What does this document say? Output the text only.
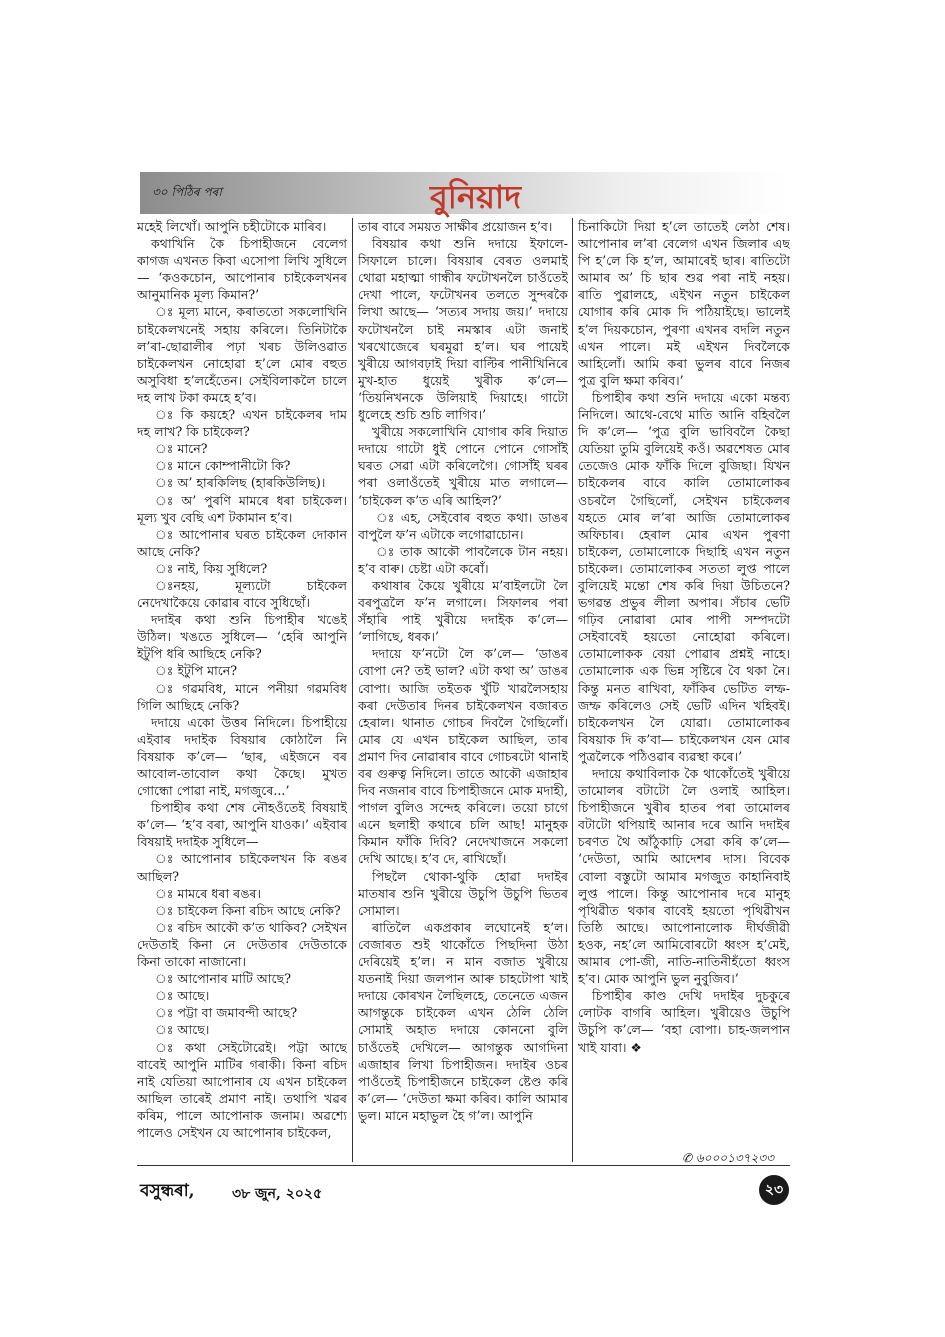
৩০ পিঠিৰ পৰা	বুনিয়াদ

মহেই লিখোঁ। আপুনি চহীটোকে মাৰিব।

কথাখিনি কৈ চিপাহীজনে বেলেগ কাগজ এখনত কিবা এসোপা লিখি সুধিলে— ‘কওকচোন, আপোনাৰ চাইকেলখনৰ আনুমানিক মূল্য কিমান?’

ঃ মূল্য মানে, কৰাততো সকলোখিনি চাইকেলখনেই সহায় কৰিলে। তিনিটাকৈ ল’ৰা-ছোৱালীৰ পঢ়া খৰচ উলিওৱাত চাইকেলখন নোহোৱা হ’লে মোৰ বহুত অসুবিধা হ’লহেঁতেন। সেইবিলাকলৈ চালে দহ লাখ টকা কমহে হ’ব।

ঃ কি কয়হে? এখন চাইকেলৰ দাম দহ লাখ? কি চাইকেল?

ঃ মানে?

ঃ মানে কোম্পানীটো কি?

ঃ অ’ হাৰকিলিছ (হাৰকিউলিছ)।

ঃ অ’ পুৰণি মামৰে ধৰা চাইকেল। মূল্য খুব বেছি এশ টকামান হ’ব।

ঃ আপোনাৰ ঘৰত চাইকেল দোকান আছে নেকি?

ঃ নাই, কিয় সুধিলে?

ঃনহয়, মূল্যটো চাইকেল নেদেখাকৈয়ে কোৱাৰ বাবে সুধিছোঁ।

দদাইৰ কথা শুনি চিপাহীৰ খঙেই উঠিল। খঙতে সুধিলে— ‘হেৰি আপুনি ইটুপি ধৰি আছিহে নেকি?

ঃ ইটুপি মানে?

ঃ গৱমবিধ, মানে পনীয়া গৱমবিধ গিলি আছিহে নেকি?

দদায়ে একো উত্তৰ নিদিলে। চিপাহীয়ে এইবাৰ দদাইক বিষয়াৰ কোঠালৈ নি বিষয়াক ক’লে— ‘ছাৰ, এইজনে বৰ আবোল-তাবোল কথা কৈছে। মুখত গোন্ধো পোৱা নাই, মগজুৰে...’

চিপাহীৰ কথা শেষ নৌহওঁতেই বিষয়াই ক’লে— ‘হ’ব বৰা, আপুনি যাওক।’ এইবাৰ বিষয়াই দদাইক সুধিলে—

ঃ আপোনাৰ চাইকেলখন কি ৰঙৰ আছিল?

ঃ মামৰে ধৰা ৰঙৰ।

ঃ চাইকেল কিনা ৰচিদ আছে নেকি?

ঃ ৰচিদ আকৌ ক’ত থাকিব? সেইখন দেউতাই কিনা নে দেউতাৰ দেউতাকে কিনা তাকো নাজানো।

ঃ আপোনাৰ মাটি আছে?

ঃ আছে।

ঃ পট্টা বা জমাবন্দী আছে?

ঃ আছে।

ঃ কথা সেইটোৱেই। পট্টা আছে বাবেই আপুনি মাটিৰ গৰাকী। কিনা ৰচিদ নাই যেতিয়া আপোনাৰ যে এখন চাইকেল আছিল তাৰেই প্ৰমাণ নাই। তথাপি খৱৰ কৰিম, পালে আপোনাক জনাম। অৱশ্যে পালেও সেইখন যে আপোনাৰ চাইকেল,

তাৰ বাবে সময়ত সাক্ষীৰ প্ৰয়োজন হ’ব।

বিষয়াৰ কথা শুনি দদায়ে ইফালে-সিফালে চালে। বিষয়াৰ বেৰত ওলমাই থোৱা মহাত্মা গান্ধীৰ ফটোখনলৈ চাওঁতেই দেখা পালে, ফটোখনৰ তলতে সুন্দৰকৈ লিখা আছে— ‘সত্যৰ সদায় জয়।’ দদায়ে ফটোখনলৈ চাই নমস্কাৰ এটা জনাই খৰখোজেৰে ঘৰমুৱা হ’ল। ঘৰ পায়েই খুৰীয়ে আগবঢ়াই দিয়া বাল্টিৰ পানীখিনিৰে মুখ-হাত ধুয়েই খুৰীক ক’লে— ‘তিয়নিখনকে উলিয়াই দিয়াহে। গাটো ধুলেহে শুচি শুচি লাগিব।’

খুৰীয়ে সকলোখিনি যোগাৰ কৰি দিয়াত দদায়ে গাটো ধুই পোনে পোনে গোসাঁই ঘৰত সেৱা এটা কৰিলেগৈ। গোসাঁই ঘৰৰ পৰা ওলাওঁতেই খুৰীয়ে মাত লগালে— ‘চাইকেল ক’ত এৰি আহিল?’

ঃ এহ, সেইবোৰ বহুত কথা। ডাঙৰ বাপুলৈ ফ’ন এটাকে লগোৱাচোন।

ঃ তাক আকৌ পাবলৈকে টান নহয়। হ’ব বাৰু। চেষ্টা এটা কৰোঁ।

কথাষাৰ কৈয়ে খুৰীয়ে ম’বাইলটো লৈ বৰপুত্ৰলৈ ফ’ন লগালে। সিফালৰ পৰা সঁহাৰি পাই খুৰীয়ে দদাইক ক’লে— ‘লাগিছে, ধৰক।’

দদায়ে ফ’নটো লৈ ক’লে— ‘ডাঙৰ বোপা নে? তই ভাল? এটা কথা অ’ ডাঙৰ বোপা। আজি তইতক খুঁটি খাৱলৈসহায় কৰা দেউতাৰ দিনৰ চাইকেলখন বজাৰত হেৰাল। থানাত গোচৰ দিবলৈ গৈছিলোঁ। মোৰ যে এখন চাইকেল আছিল, তাৰ প্ৰমাণ দিব নোৱাৰাৰ বাবে গোচৰটো থানাই বৰ গুৰুত্ব নিদিলে। তাতে আকৌ এজাহাৰ দিব নজনাৰ বাবে চিপাহীজনে মোক মদাহী, পাগল বুলিও সন্দেহ কৰিলে। তয়ো চাগে এনে ছলাহী কথাৰে চলি আছ! মানুহক কিমান ফাঁকি দিবি? নেদেখাজনে সকলো দেখি আছে। হ’ব দে, ৰাখিছোঁ।

পিছলৈ থোকা-থুকি হোৱা দদাইৰ মাতষাৰ শুনি খুৰীয়ে উচুপি উচুপি ভিতৰ সোমাল।

ৰাতিলৈ একপ্ৰকাৰ লঘোনেই হ’ল। বেজাৰত শুই থাকোঁতে পিছদিনা উঠা দেৰিয়েই হ’ল। ন মান বজাত খুৰীয়ে যতনাই দিয়া জলপান আৰু চাহটোপা খাই দদায়ে কোৰখন লৈছিলহে, তেনেতে এজন আগন্তুকে চাইকেল এখন ঠেলি ঠেলি সোমাই অহাত দদায়ে কোননো বুলি চাওঁতেই দেখিলে— আগন্তুক আগদিনা এজাহাৰ লিখা চিপাহীজন। দদাইৰ ওচৰ পাওঁতেই চিপাহীজনে চাইকেল ষ্টেণ্ড কৰি ক’লে— ‘দেউতা ক্ষমা কৰিব। কালি আমাৰ ভুল। মানে মহাভুল হৈ গ’ল। আপুনি

চিনাকিটো দিয়া হ’লে তাতেই লেঠা শেষ। আপোনাৰ ল’ৰা বেলেগ এখন জিলাৰ এছ পি হ’লে কি হ’ল, আমাৰেই ছাৰ। ৰাতিটো আমাৰ অ’ চি ছাৰ শুৱ পৰা নাই নহয়। ৰাতি পুৱালহে, এইখন নতুন চাইকেল যোগাৰ কৰি মোক দি পঠিয়াইছে। ভালেই হ’ল দিয়কচোন, পুৰণা এখনৰ বদলি নতুন এখন পালে। মই এইখন দিবলৈকে আহিলোঁ। আমি কৰা ভুলৰ বাবে নিজৰ পুত্ৰ বুলি ক্ষমা কৰিব।’

চিপাহীৰ কথা শুনি দদায়ে একো মন্তব্য নিদিলে। আথে-বেথে মাতি আনি বহিবলৈ দি ক’লে— ‘পুত্ৰ বুলি ভাবিবলৈ কৈছা যেতিয়া তুমি বুলিয়েই কওঁ। অৱশেষত মোৰ তেজেও মোক ফাঁকি দিলে বুজিছা। যিখন চাইকেলৰ বাবে কালি তোমালোকৰ ওচৰলৈ গৈছিলোঁ, সেইখন চাইকেলৰ যহতে মোৰ ল’ৰা আজি তোমালোকৰ অফিচাৰ। হেৰাল মোৰ এখন পুৰণা চাইকেল, তোমালোকে দিছাহি এখন নতুন চাইকেল। তোমালোকৰ সততা লুপ্ত পালে বুলিয়েই মন্তো শেষ কৰি দিয়া উচিতনে? ভগৱন্ত প্ৰভুৰ লীলা অপাৰ। সঁচাৰ ভেটি গঢ়িব নোৱাৰা মোৰ পাপী সম্পদটো সেইবাবেই হয়তো নোহোৱা কৰিলে। তোমালোকক বেয়া পোৱাৰ প্ৰশ্নই নাহে। তোমালোক এক ভিন্ন সৃষ্টিৰে বৈ থকা নৈ। কিন্তু মনত ৰাখিবা, ফাঁকিৰ ভেটিত লম্ফ-জম্ফ কৰিলেও সেই ভেটি এদিন খহিবই। চাইকেলখন লৈ যোৱা। তোমালোকৰ বিষয়াক দি ক’বা— চাইকেলখন যেন মোৰ পুত্ৰলৈকে পঠিওৱাৰ ব্যৱস্থা কৰে।’

দদায়ে কথাবিলাক কৈ থাকোঁতেই খুৰীয়ে তামোলৰ বটাটো লৈ ওলাই আহিল। চিপাহীজনে খুৰীৰ হাতৰ পৰা তামোলৰ বটাটো থপিয়াই আনাৰ দৰে আনি দদাইৰ চৰণত থৈ আঁঠুকাঢ়ি সেৱা কৰি ক’লে— ‘দেউতা, আমি আদেশৰ দাস। বিবেক বোলা বস্তুটো আমাৰ মগজুত কাহানিবাই লুপ্ত পালে। কিন্তু আপোনাৰ দৰে মানুহ পৃথিৱীত থকাৰ বাবেই হয়তো পৃথিৱীখন তিষ্ঠি আছে। আপোনালোক দীৰ্ঘজীৱী হওক, নহ’লে আমিবোৰটো ধ্বংস হ’মেই, আমাৰ পো-জী, নাতি-নাতিনীহঁতো ধ্বংস হ’ব। মোক আপুনি ভুল নুবুজিব।’

চিপাহীৰ কাণ্ড দেখি দদাইৰ দুচকুৰে লোটক বাগৰি আহিল। খুৰীয়েও উচুপি উচুপি ক’লে— ‘বহা বোপা। চাহ-জলপান খাই যাবা। ❖

✆ ৬০০০১৩৭২৩৩
বসুন্ধৰা,	৩৮ জুন, ২০২৫	২৩
